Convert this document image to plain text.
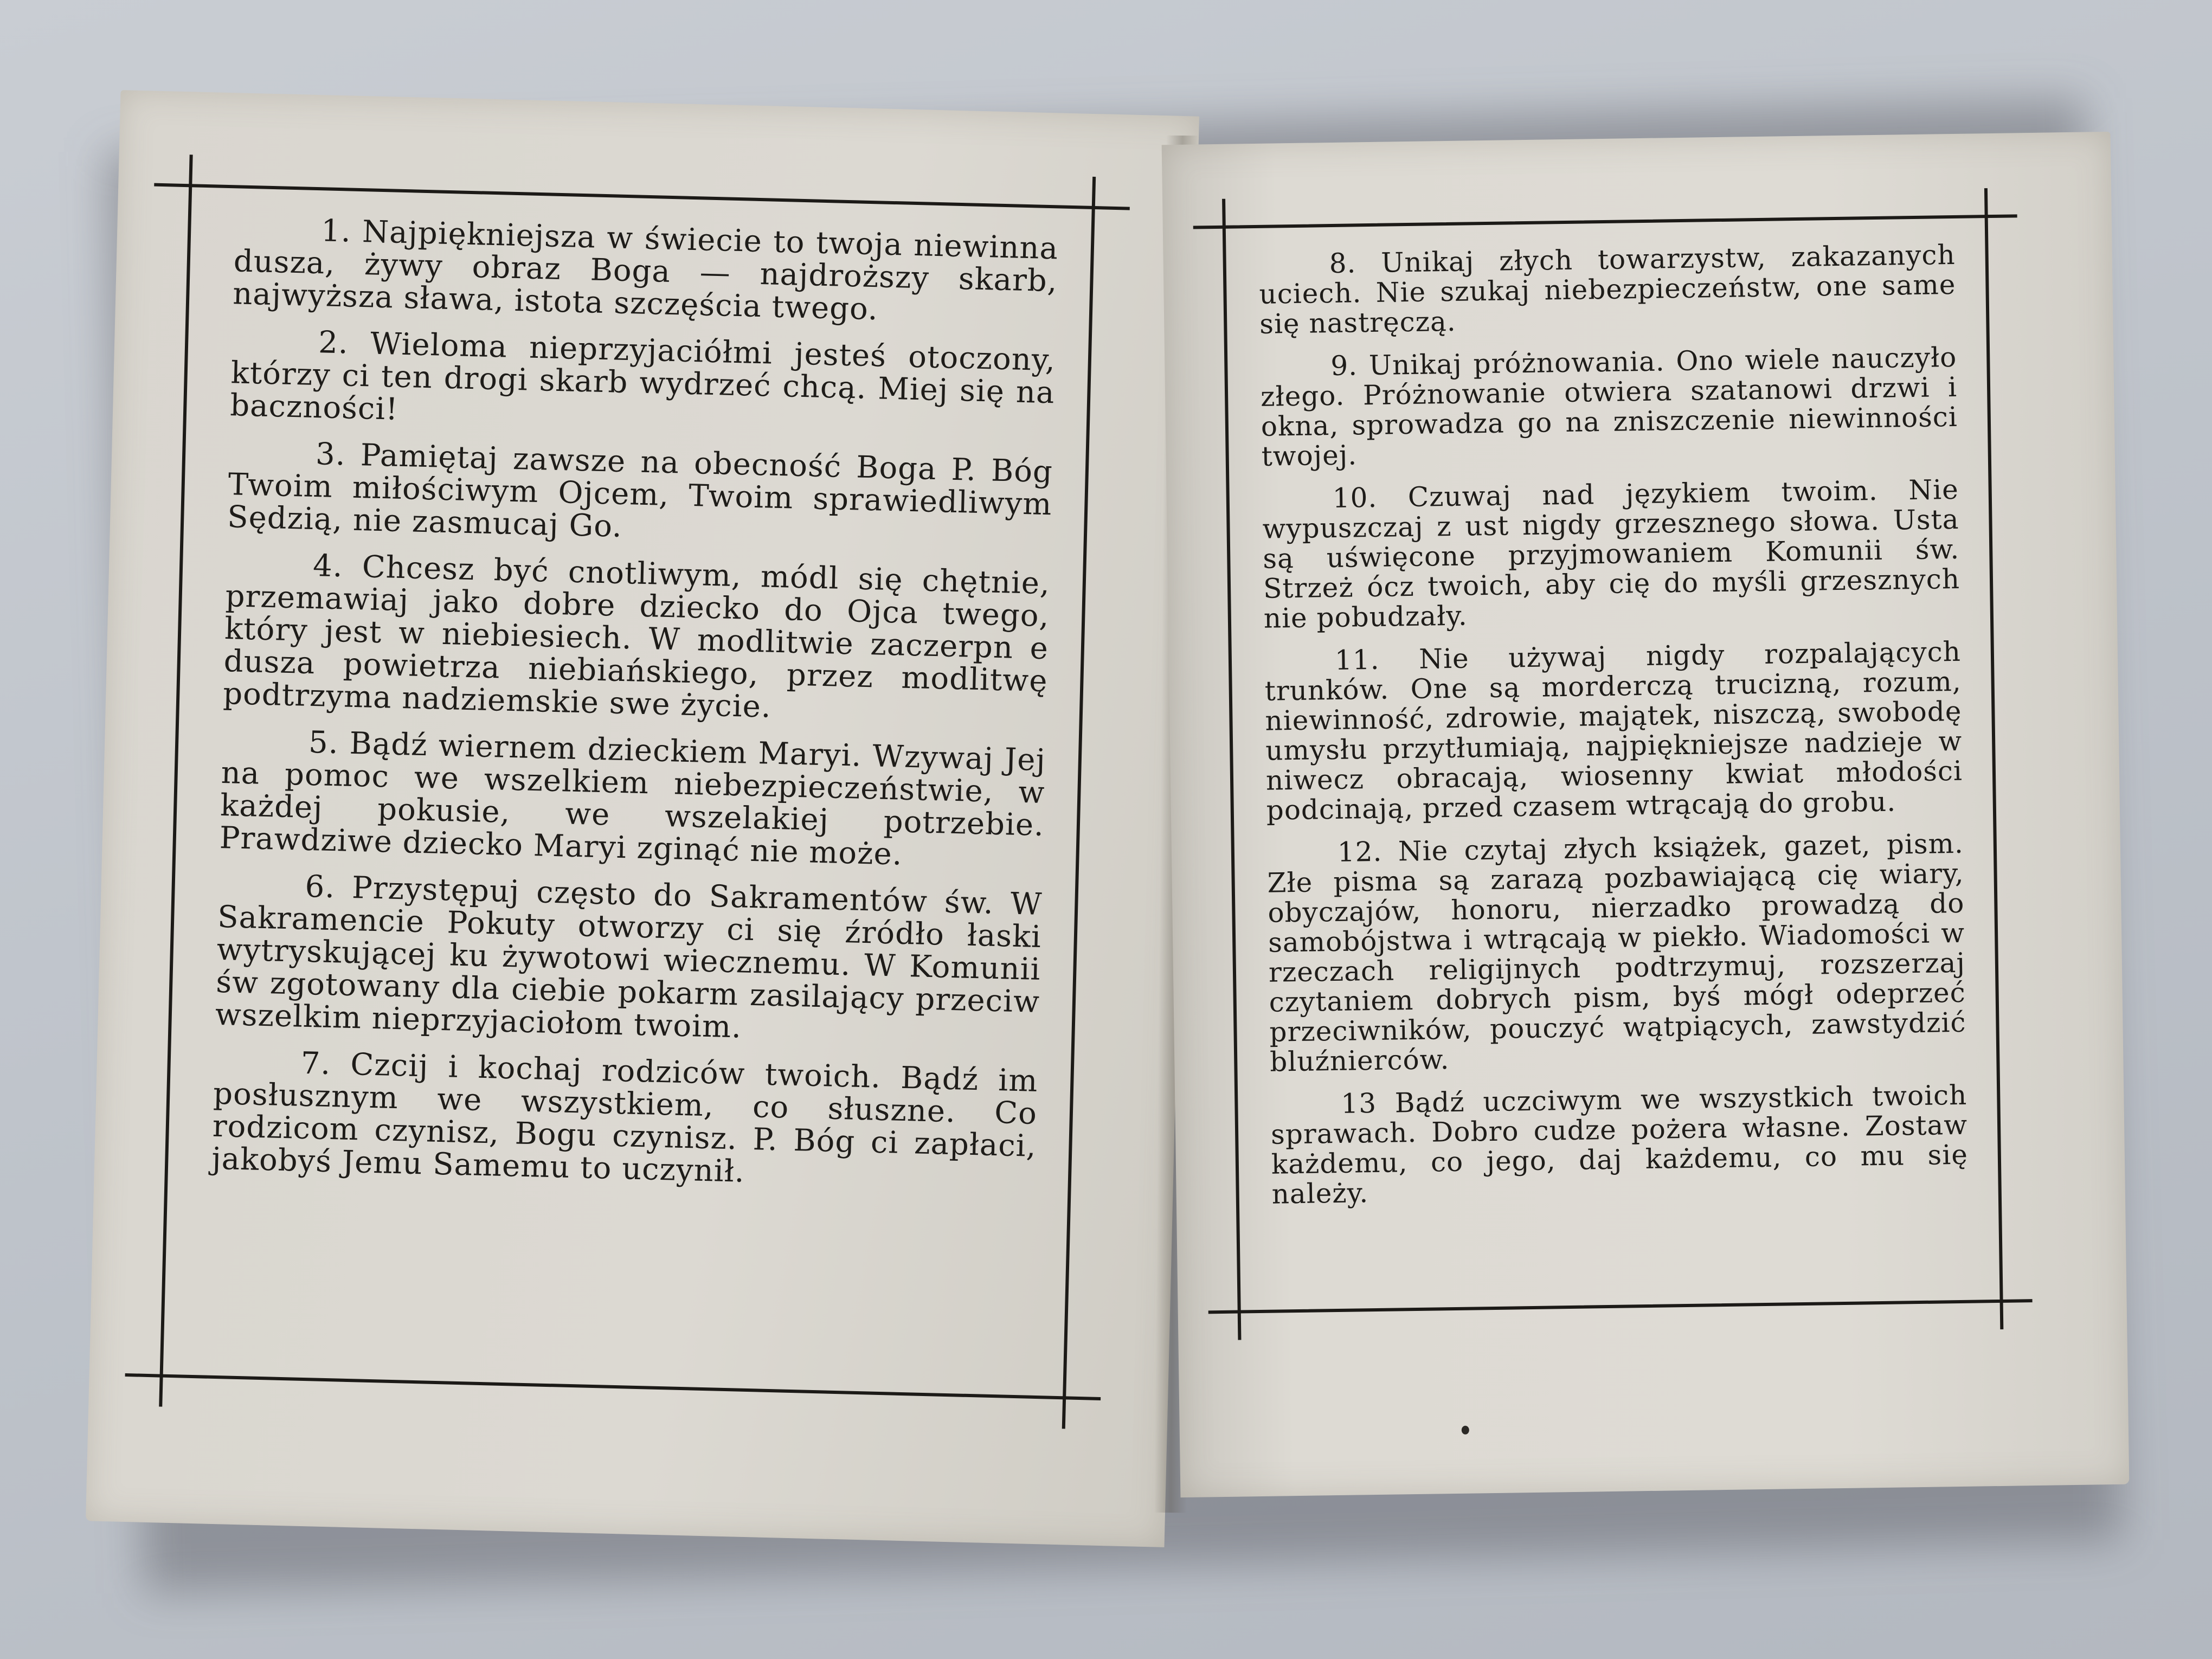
1. Najpiękniejsza w świecie to twoja niewinna dusza, żywy obraz Boga — najdroższy skarb, najwyższa sława, istota szczęścia twego.

2. Wieloma nieprzyjaciółmi jesteś otoczony, którzy ci ten drogi skarb wydrzeć chcą. Miej się na baczności!

3. Pamiętaj zawsze na obecność Boga P. Bóg Twoim miłościwym Ojcem, Twoim sprawiedliwym Sędzią, nie zasmucaj Go.

4. Chcesz być cnotliwym, módl się chętnie, przemawiaj jako dobre dziecko do Ojca twego, który jest w niebiesiech. W modlitwie zaczerpn e dusza powietrza niebiańskiego, przez modlitwę podtrzyma nadziemskie swe życie.

5. Bądź wiernem dzieckiem Maryi. Wzywaj Jej na pomoc we wszelkiem niebezpieczeństwie, w każdej pokusie, we wszelakiej potrzebie. Prawdziwe dziecko Maryi zginąć nie może.

6. Przystępuj często do Sakramentów św. W Sakramencie Pokuty otworzy ci się źródło łaski wytryskującej ku żywotowi wiecznemu. W Komunii św zgotowany dla ciebie pokarm zasilający przeciw wszelkim nieprzyjaciołom twoim.

7. Czcij i kochaj rodziców twoich. Bądź im posłusznym we wszystkiem, co słuszne. Co rodzicom czynisz, Bogu czynisz. P. Bóg ci zapłaci, jakobyś Jemu Samemu to uczynił.

8. Unikaj złych towarzystw, zakazanych uciech. Nie szukaj niebezpieczeństw, one same się nastręczą.

9. Unikaj próżnowania. Ono wiele nauczyło złego. Próżnowanie otwiera szatanowi drzwi i okna, sprowadza go na zniszczenie niewinności twojej.

10. Czuwaj nad językiem twoim. Nie wypuszczaj z ust nigdy grzesznego słowa. Usta są uświęcone przyjmowaniem Komunii św. Strzeż ócz twoich, aby cię do myśli grzesznych nie pobudzały.

11. Nie używaj nigdy rozpalających trunków. One są morderczą trucizną, rozum, niewinność, zdrowie, majątek, niszczą, swobodę umysłu przytłumiają, najpiękniejsze nadzieje w niwecz obracają, wiosenny kwiat młodości podcinają, przed czasem wtrącają do grobu.

12. Nie czytaj złych książek, gazet, pism. Złe pisma są zarazą pozbawiającą cię wiary, obyczajów, honoru, nierzadko prowadzą do samobójstwa i wtrącają w piekło. Wiadomości w rzeczach religijnych podtrzymuj, rozszerzaj czytaniem dobrych pism, byś mógł odeprzeć przeciwników, pouczyć wątpiących, zawstydzić bluźnierców.

13 Bądź uczciwym we wszystkich twoich sprawach. Dobro cudze pożera własne. Zostaw każdemu, co jego, daj każdemu, co mu się należy.
